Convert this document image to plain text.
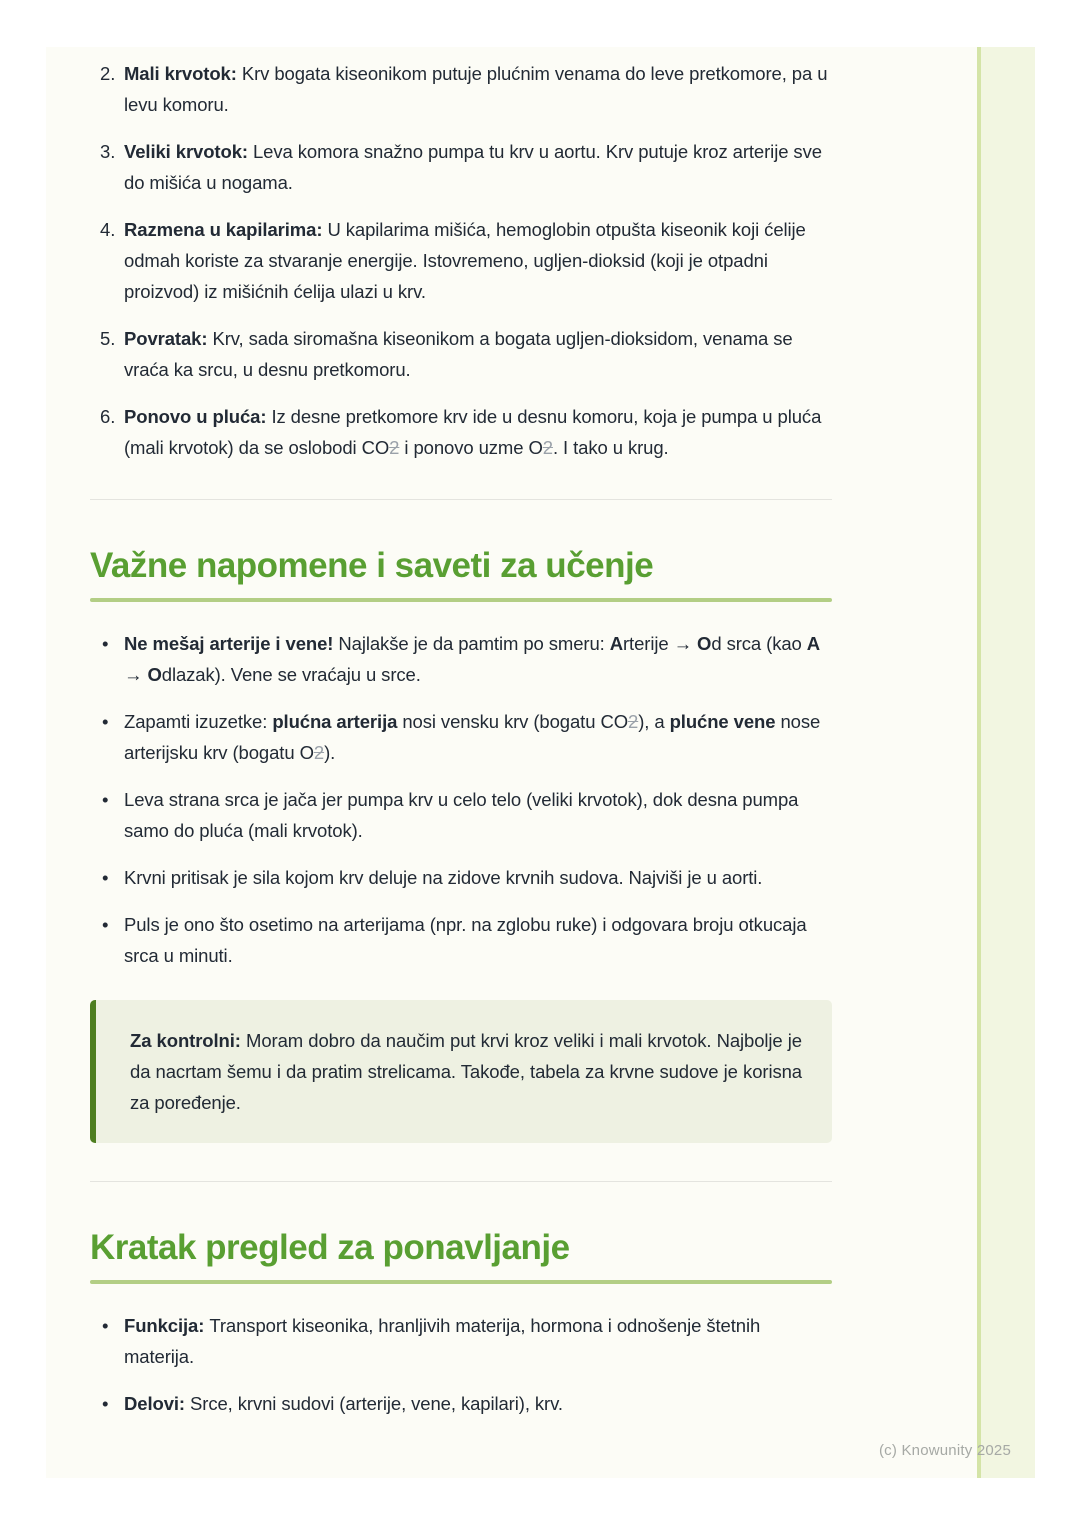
2. Mali krvotok: Krv bogata kiseonikom putuje plućnim venama do leve pretkomore, pa u levu komoru.
3. Veliki krvotok: Leva komora snažno pumpa tu krv u aortu. Krv putuje kroz arterije sve do mišića u nogama.
4. Razmena u kapilarima: U kapilarima mišića, hemoglobin otpušta kiseonik koji ćelije odmah koriste za stvaranje energije. Istovremeno, ugljen-dioksid (koji je otpadni proizvod) iz mišićnih ćelija ulazi u krv.
5. Povratak: Krv, sada siromašna kiseonikom a bogata ugljen-dioksidom, venama se vraća ka srcu, u desnu pretkomoru.
6. Ponovo u pluća: Iz desne pretkomore krv ide u desnu komoru, koja je pumpa u pluća (mali krvotok) da se oslobodi CO2 i ponovo uzme O2. I tako u krug.
Važne napomene i saveti za učenje
• Ne mešaj arterije i vene! Najlakše je da pamtim po smeru: Arterije → Od srca (kao A → Odlazak). Vene se vraćaju u srce.
• Zapamti izuzetke: plućna arterija nosi vensku krv (bogatu CO2), a plućne vene nose arterijsku krv (bogatu O2).
• Leva strana srca je jača jer pumpa krv u celo telo (veliki krvotok), dok desna pumpa samo do pluća (mali krvotok).
• Krvni pritisak je sila kojom krv deluje na zidove krvnih sudova. Najviši je u aorti.
• Puls je ono što osetimo na arterijama (npr. na zglobu ruke) i odgovara broju otkucaja srca u minuti.

Za kontrolni: Moram dobro da naučim put krvi kroz veliki i mali krvotok. Najbolje je da nacrtam šemu i da pratim strelicama. Takođe, tabela za krvne sudove je korisna za poređenje.

Kratak pregled za ponavljanje
• Funkcija: Transport kiseonika, hranljivih materija, hormona i odnošenje štetnih materija.
• Delovi: Srce, krvni sudovi (arterije, vene, kapilari), krv.
(c) Knowunity 2025
